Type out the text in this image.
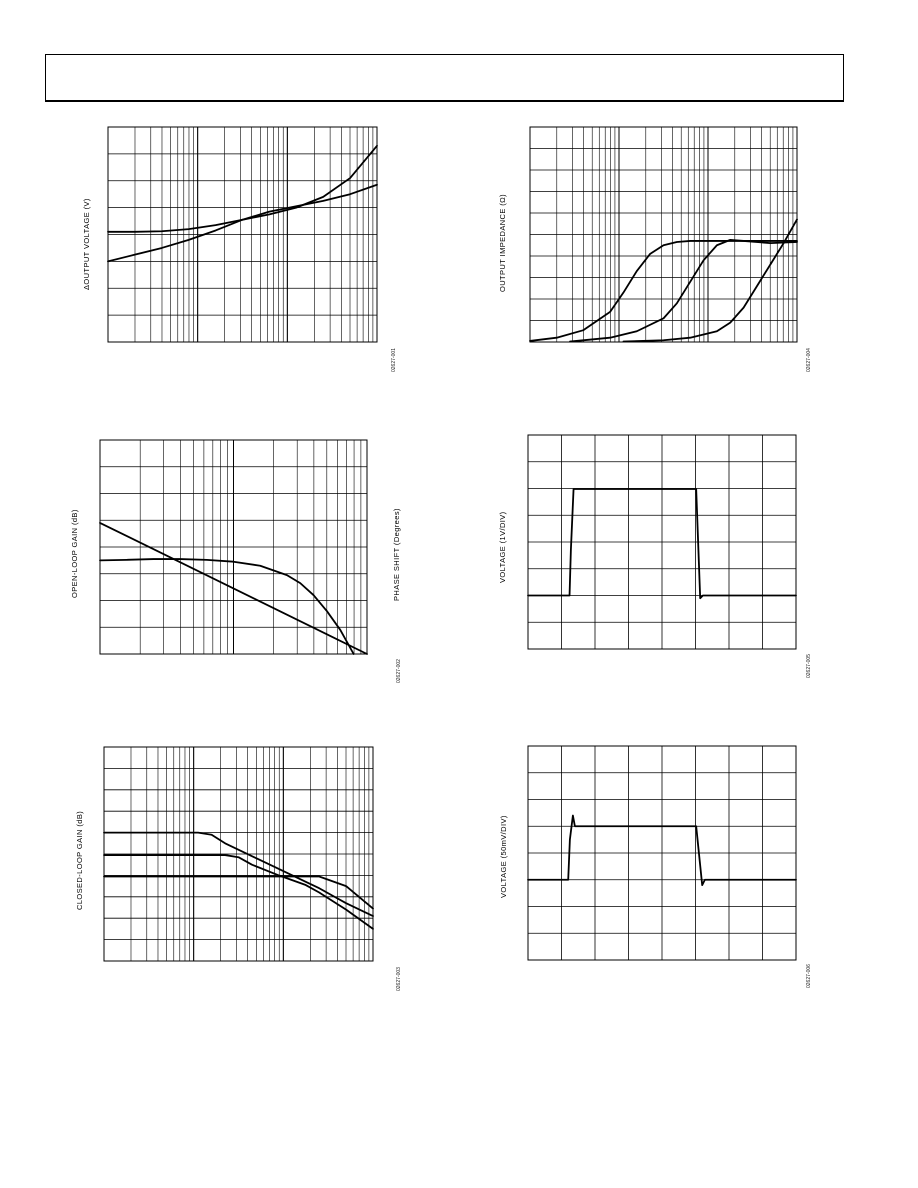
ΔOUTPUT VOLTAGE (V)
02627-001
OUTPUT IMPEDANCE (Ω)
02627-004
OPEN-LOOP GAIN (dB)	PHASE SHIFT (Degrees)
02627-002
VOLTAGE (1V/DIV)
02627-005
CLOSED-LOOP GAIN (dB)
02627-003
VOLTAGE (50mV/DIV)
02627-006
